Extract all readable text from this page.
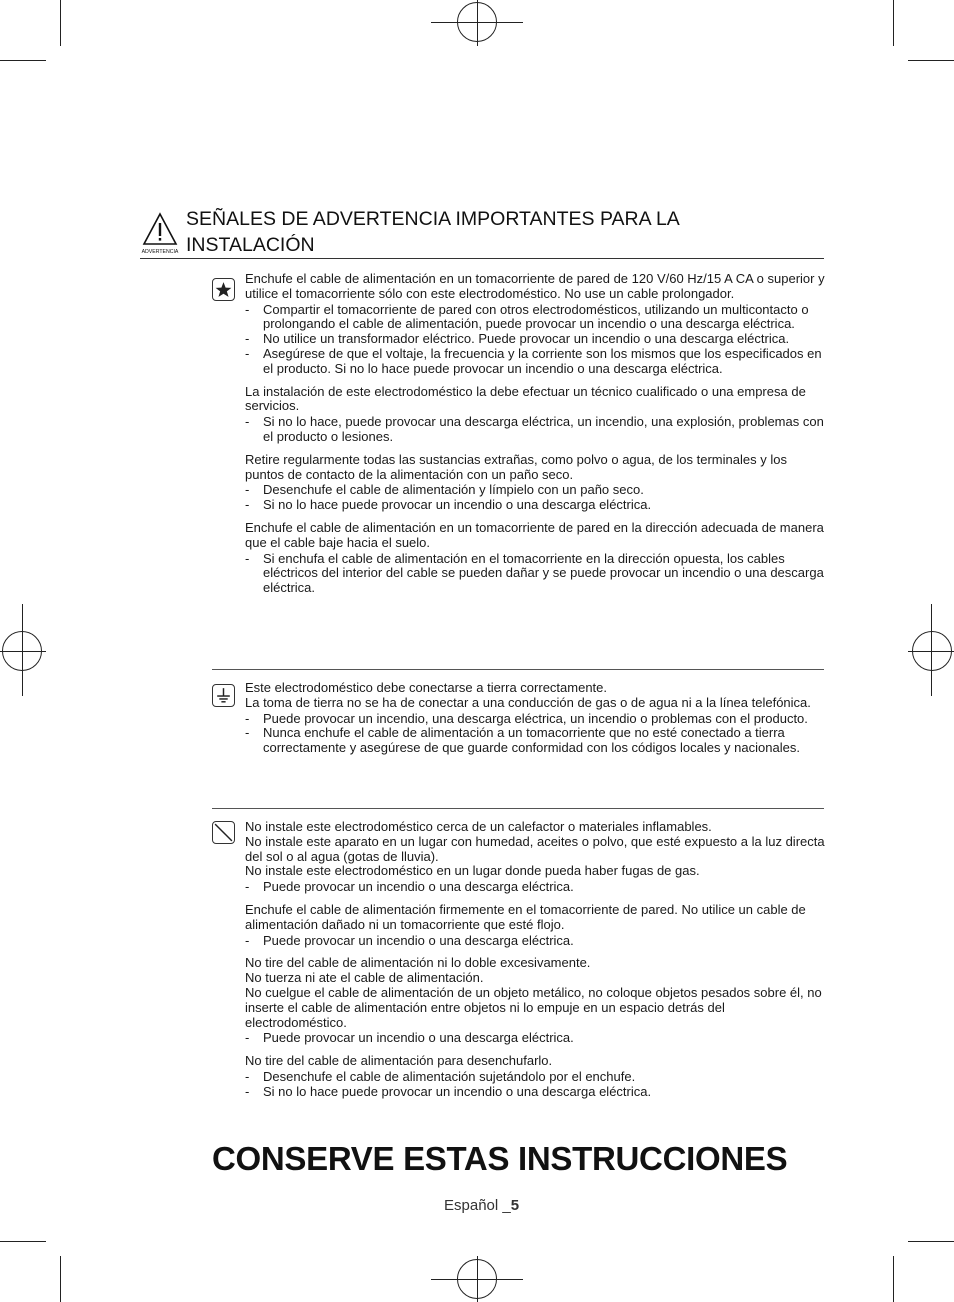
ADVERTENCIA
SEÑALES DE ADVERTENCIA IMPORTANTES PARA LA
INSTALACIÓN

Enchufe el cable de alimentación en un tomacorriente de pared de 120 V/60 Hz/15 A CA o superior y utilice el tomacorriente sólo con este electrodoméstico. No use un cable prolongador.

- Compartir el tomacorriente de pared con otros electrodomésticos, utilizando un multicontacto o prolongando el cable de alimentación, puede provocar un incendio o una descarga eléctrica.
- No utilice un transformador eléctrico. Puede provocar un incendio o una descarga eléctrica.
- Asegúrese de que el voltaje, la frecuencia y la corriente son los mismos que los especificados en el producto. Si no lo hace puede provocar un incendio o una descarga eléctrica.

La instalación de este electrodoméstico la debe efectuar un técnico cualificado o una empresa de servicios.

- Si no lo hace, puede provocar una descarga eléctrica, un incendio, una explosión, problemas con el producto o lesiones.

Retire regularmente todas las sustancias extrañas, como polvo o agua, de los terminales y los puntos de contacto de la alimentación con un paño seco.

- Desenchufe el cable de alimentación y límpielo con un paño seco.
- Si no lo hace puede provocar un incendio o una descarga eléctrica.

Enchufe el cable de alimentación en un tomacorriente de pared en la dirección adecuada de manera que el cable baje hacia el suelo.

- Si enchufa el cable de alimentación en el tomacorriente en la dirección opuesta, los cables eléctricos del interior del cable se pueden dañar y se puede provocar un incendio o una descarga eléctrica.

Este electrodoméstico debe conectarse a tierra correctamente.

La toma de tierra no se ha de conectar a una conducción de gas o de agua ni a la línea telefónica.

- Puede provocar un incendio, una descarga eléctrica, un incendio o problemas con el producto.
- Nunca enchufe el cable de alimentación a un tomacorriente que no esté conectado a tierra correctamente y asegúrese de que guarde conformidad con los códigos locales y nacionales.

No instale este electrodoméstico cerca de un calefactor o materiales inflamables.

No instale este aparato en un lugar con humedad, aceites o polvo, que esté expuesto a la luz directa del sol o al agua (gotas de lluvia).

No instale este electrodoméstico en un lugar donde pueda haber fugas de gas.

- Puede provocar un incendio o una descarga eléctrica.

Enchufe el cable de alimentación firmemente en el tomacorriente de pared. No utilice un cable de alimentación dañado ni un tomacorriente que esté flojo.

- Puede provocar un incendio o una descarga eléctrica.

No tire del cable de alimentación ni lo doble excesivamente.

No tuerza ni ate el cable de alimentación.

No cuelgue el cable de alimentación de un objeto metálico, no coloque objetos pesados sobre él, no inserte el cable de alimentación entre objetos ni lo empuje en un espacio detrás del electrodoméstico.

- Puede provocar un incendio o una descarga eléctrica.

No tire del cable de alimentación para desenchufarlo.

- Desenchufe el cable de alimentación sujetándolo por el enchufe.
- Si no lo hace puede provocar un incendio o una descarga eléctrica.
CONSERVE ESTAS INSTRUCCIONES
Español _5
